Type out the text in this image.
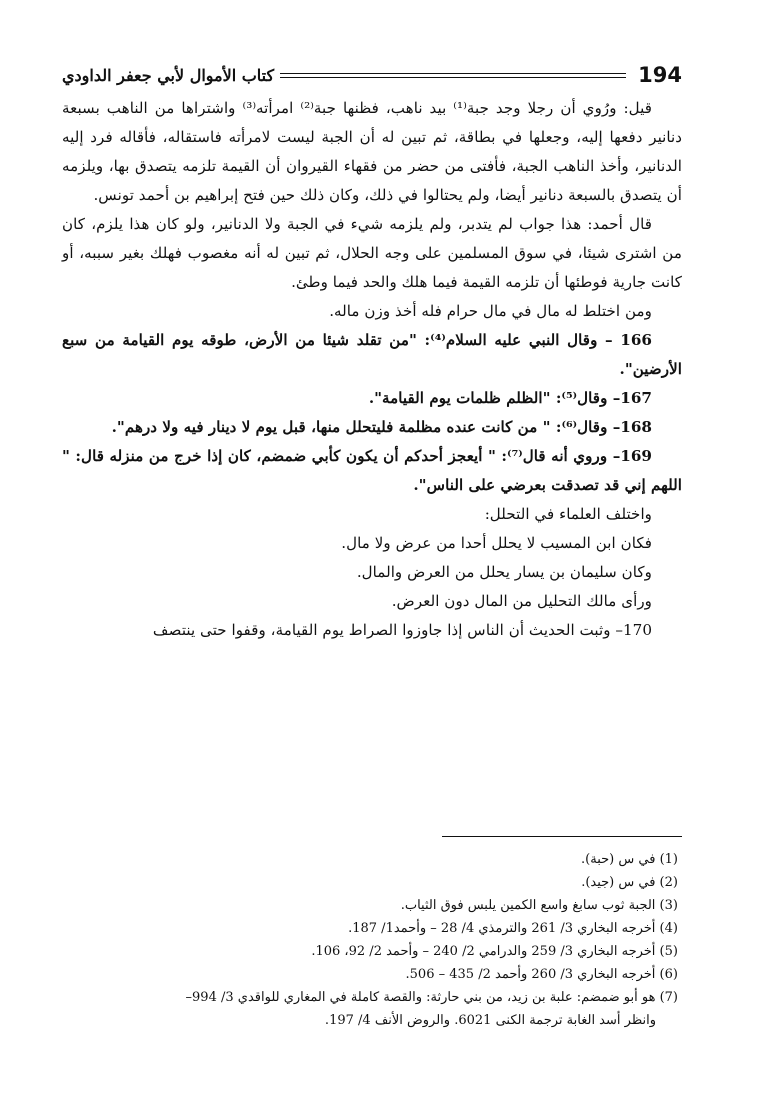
194
كتاب الأموال لأبي جعفر الداودي

قيل: ورُوي أن رجلا وجد جبة⁽¹⁾ بيد ناهب، فظنها جبة⁽²⁾ امرأته⁽³⁾ واشتراها من الناهب بسبعة دنانير دفعها إليه، وجعلها في بطاقة، ثم تبين له أن الجبة ليست لامرأته فاستقاله، فأقاله فرد إليه الدنانير، وأخذ الناهب الجبة، فأفتى من حضر من فقهاء القيروان أن القيمة تلزمه يتصدق بها، ويلزمه أن يتصدق بالسبعة دنانير أيضا، ولم يحتالوا في ذلك، وكان ذلك حين فتح إبراهيم بن أحمد تونس.

قال أحمد: هذا جواب لم يتدبر، ولم يلزمه شيء في الجبة ولا الدنانير، ولو كان هذا يلزم، كان من اشترى شيئا، في سوق المسلمين على وجه الحلال، ثم تبين له أنه مغصوب فهلك بغير سببه، أو كانت جارية فوطئها أن تلزمه القيمة فيما هلك والحد فيما وطئ.

ومن اختلط له مال في مال حرام فله أخذ وزن ماله.

166 – وقال النبي عليه السلام⁽⁴⁾: "من تقلد شيئا من الأرض، طوقه يوم القيامة من سبع الأرضين".

167– وقال⁽⁵⁾: "الظلم ظلمات يوم القيامة".

168– وقال⁽⁶⁾: " من كانت عنده مظلمة فليتحلل منها، قبل يوم لا دينار فيه ولا درهم".

169– وروي أنه قال⁽⁷⁾: " أيعجز أحدكم أن يكون كأبي ضمضم، كان إذا خرج من منزله قال: " اللهم إني قد تصدقت بعرضي على الناس".

واختلف العلماء في التحلل:

فكان ابن المسيب لا يحلل أحدا من عرض ولا مال.

وكان سليمان بن يسار يحلل من العرض والمال.

ورأى مالك التحليل من المال دون العرض.

170– وثبت الحديث أن الناس إذا جاوزوا الصراط يوم القيامة، وقفوا حتى ينتصف

(1) في س (حبة).

(2) في س (جيد).

(3) الجبة ثوب سابغ واسع الكمين يلبس فوق الثياب.

(4) أخرجه البخاري 3/ 261 والترمذي 4/ 28 – وأحمد1/ 187.

(5) أخرجه البخاري 3/ 259 والدرامي 2/ 240 – وأحمد 2/ 92، 106.

(6) أخرجه البخاري 3/ 260 وأحمد 2/ 435 – 506.

(7) هو أبو ضمضم: علبة بن زيد، من بني حارثة: والقصة كاملة في المغاري للواقدي 3/ 994–

وانظر أسد الغابة ترجمة الكنى 6021. والروض الأنف 4/ 197.
